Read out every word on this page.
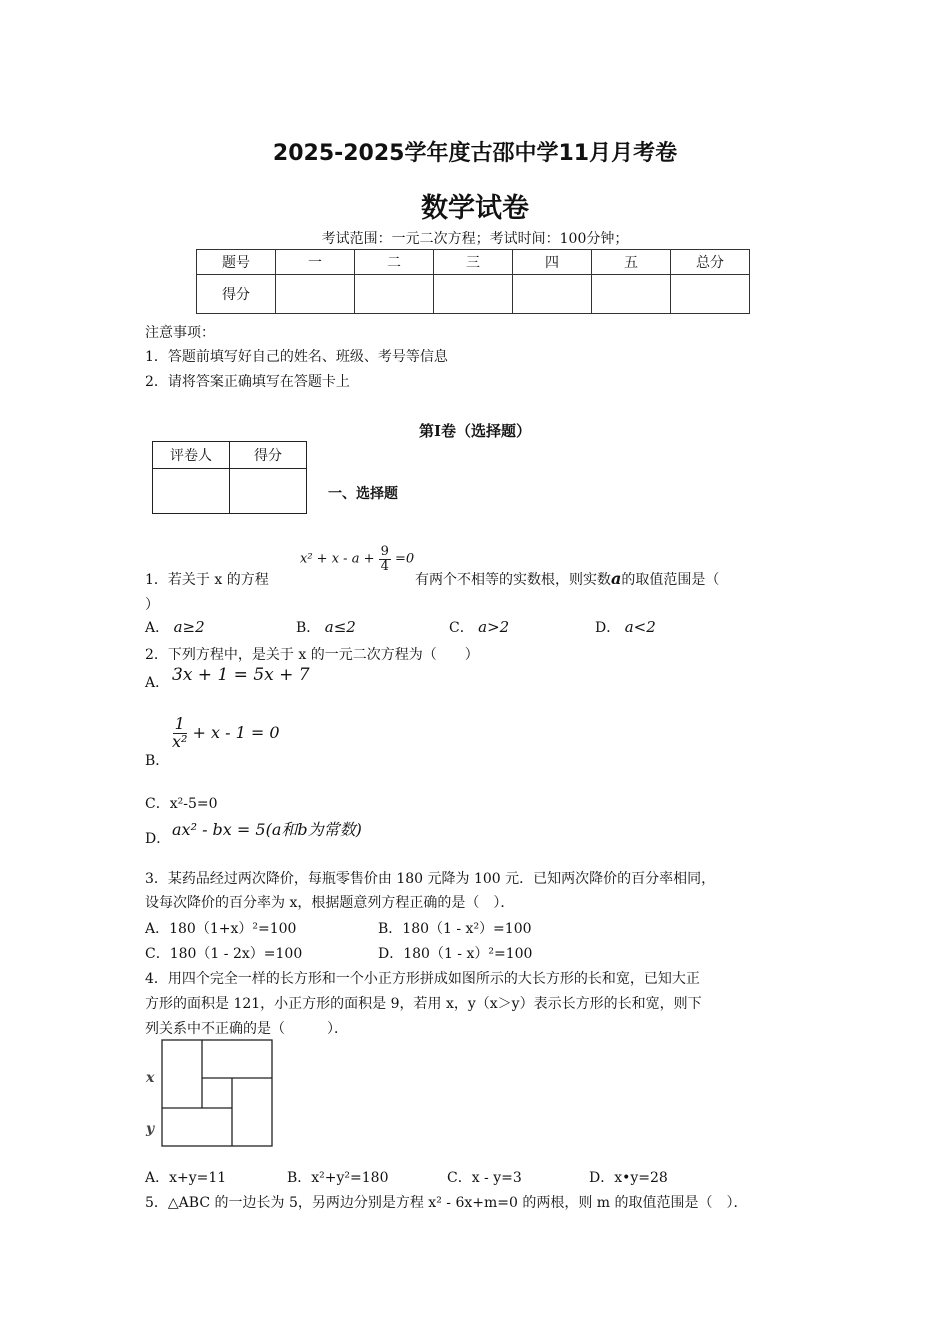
2025-2025学年度古邵中学11月月考卷
数学试卷
考试范围：一元二次方程；考试时间：100分钟；
题号	一	二	三	四	五	总分
得分						
注意事项：
1．答题前填写好自己的姓名、班级、考号等信息
2．请将答案正确填写在答题卡上
第I卷（选择题）
评卷人	得分

一、选择题
$x^2 + x - a + \frac{9}{4} =0$
1．若关于 x 的方程	有两个不相等的实数根，则实数a的取值范围是（
）
A． a≥2	B． a≤2	C． a>2	D． a<2
2．下列方程中，是关于 x 的一元二次方程为（　　）
A． 3x + 1 = 5x + 7
$\frac{1}{\text{x²}} + x - 1 = 0$
B．
C．x²-5=0
D． ax² - bx = 5(a和b为常数)
3．某药品经过两次降价，每瓶零售价由 180 元降为 100 元．已知两次降价的百分率相同，
设每次降价的百分率为 x，根据题意列方程正确的是（　）．
A．180（1+x）²=100	B．180（1 - x²）=100
C．180（1 - 2x）=100	D．180（1 - x）²=100
4．用四个完全一样的长方形和一个小正方形拼成如图所示的大长方形的长和宽，已知大正
方形的面积是 121，小正方形的面积是 9，若用 x，y（x＞y）表示长方形的长和宽，则下
列关系中不正确的是（　　　）．
x
y
A．x+y=11	B．x²+y²=180	C．x - y=3	D．x•y=28
5．△ABC 的一边长为 5，另两边分别是方程 x² - 6x+m=0 的两根，则 m 的取值范围是（　）．
